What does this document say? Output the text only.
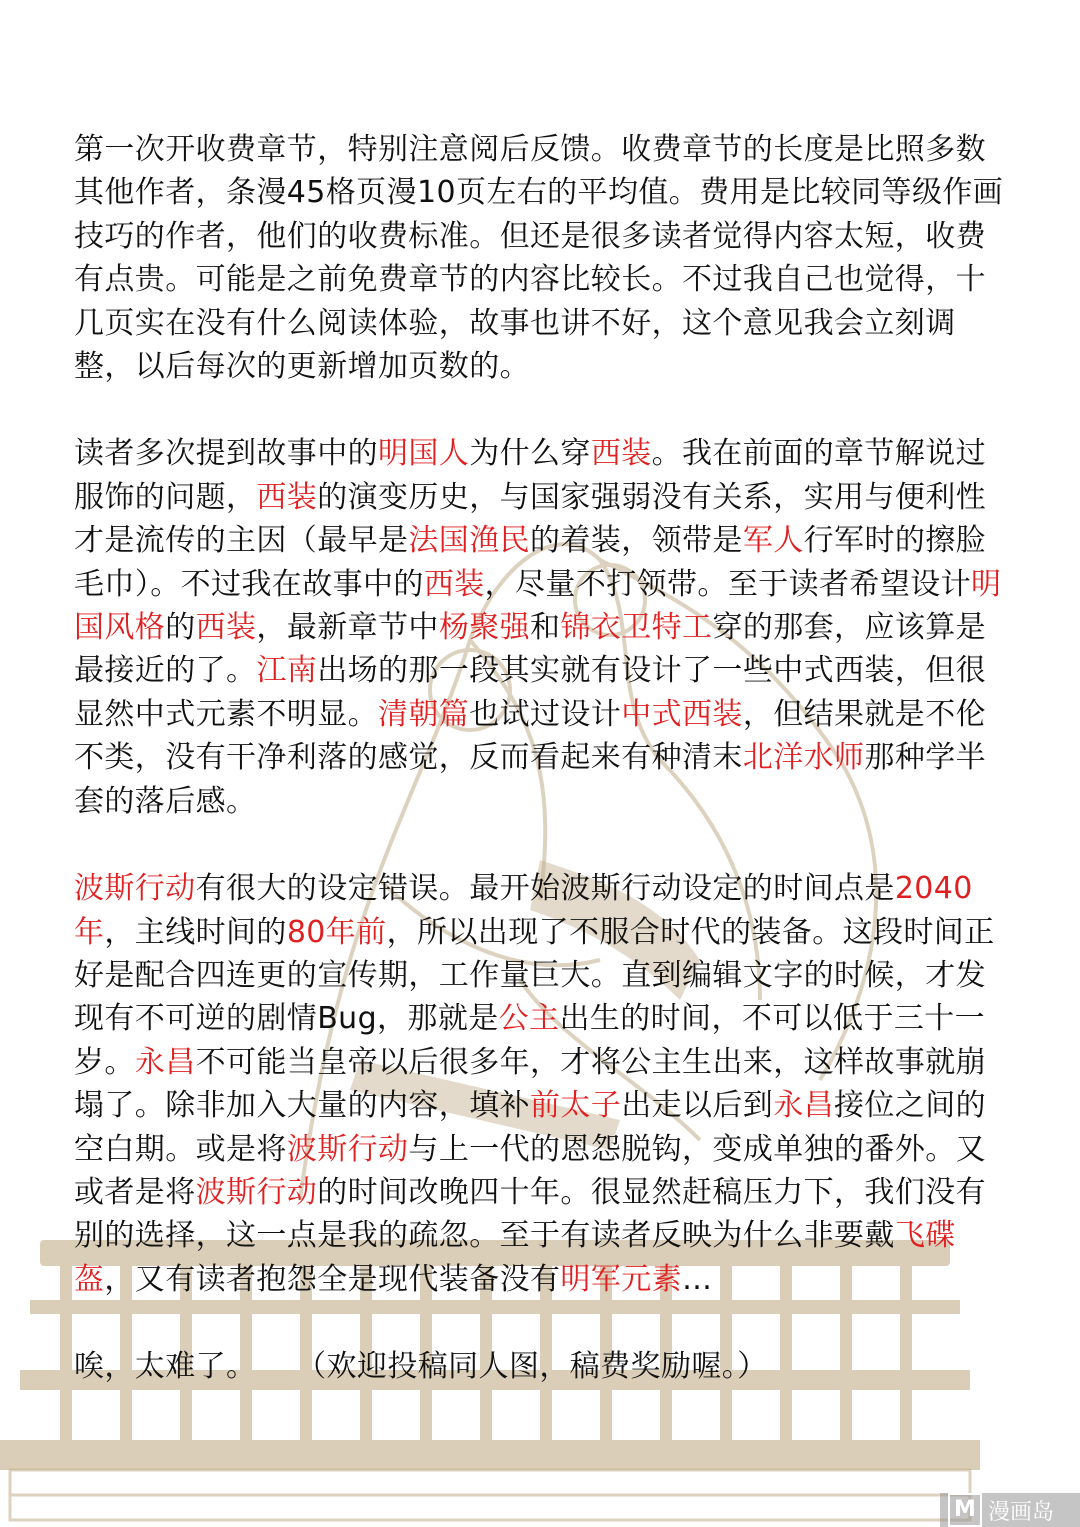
第一次开收费章节，特别注意阅后反馈。收费章节的长度是比照多数其他作者，条漫45格页漫10页左右的平均值。费用是比较同等级作画技巧的作者，他们的收费标准。但还是很多读者觉得内容太短，收费有点贵。可能是之前免费章节的内容比较长。不过我自己也觉得，十几页实在没有什么阅读体验，故事也讲不好，这个意见我会立刻调整，以后每次的更新增加页数的。
读者多次提到故事中的明国人为什么穿西装。我在前面的章节解说过服饰的问题，西装的演变历史，与国家强弱没有关系，实用与便利性才是流传的主因（最早是法国渔民的着装，领带是军人行军时的擦脸毛巾）。不过我在故事中的西装，尽量不打领带。至于读者希望设计明国风格的西装，最新章节中杨聚强和锦衣卫特工穿的那套，应该算是最接近的了。江南出场的那一段其实就有设计了一些中式西装，但很显然中式元素不明显。清朝篇也试过设计中式西装，但结果就是不伦不类，没有干净利落的感觉，反而看起来有种清末北洋水师那种学半套的落后感。
波斯行动有很大的设定错误。最开始波斯行动设定的时间点是2040年，主线时间的80年前，所以出现了不服合时代的装备。这段时间正好是配合四连更的宣传期，工作量巨大。直到编辑文字的时候，才发现有不可逆的剧情Bug，那就是公主出生的时间，不可以低于三十一岁。永昌不可能当皇帝以后很多年，才将公主生出来，这样故事就崩塌了。除非加入大量的内容，填补前太子出走以后到永昌接位之间的空白期。或是将波斯行动与上一代的恩怨脱钩，变成单独的番外。又或者是将波斯行动的时间改晚四十年。很显然赶稿压力下，我们没有别的选择，这一点是我的疏忽。至于有读者反映为什么非要戴飞碟盔，又有读者抱怨全是现代装备没有明军元素…
唉，太难了。 （欢迎投稿同人图，稿费奖励喔。）
M 漫画岛
